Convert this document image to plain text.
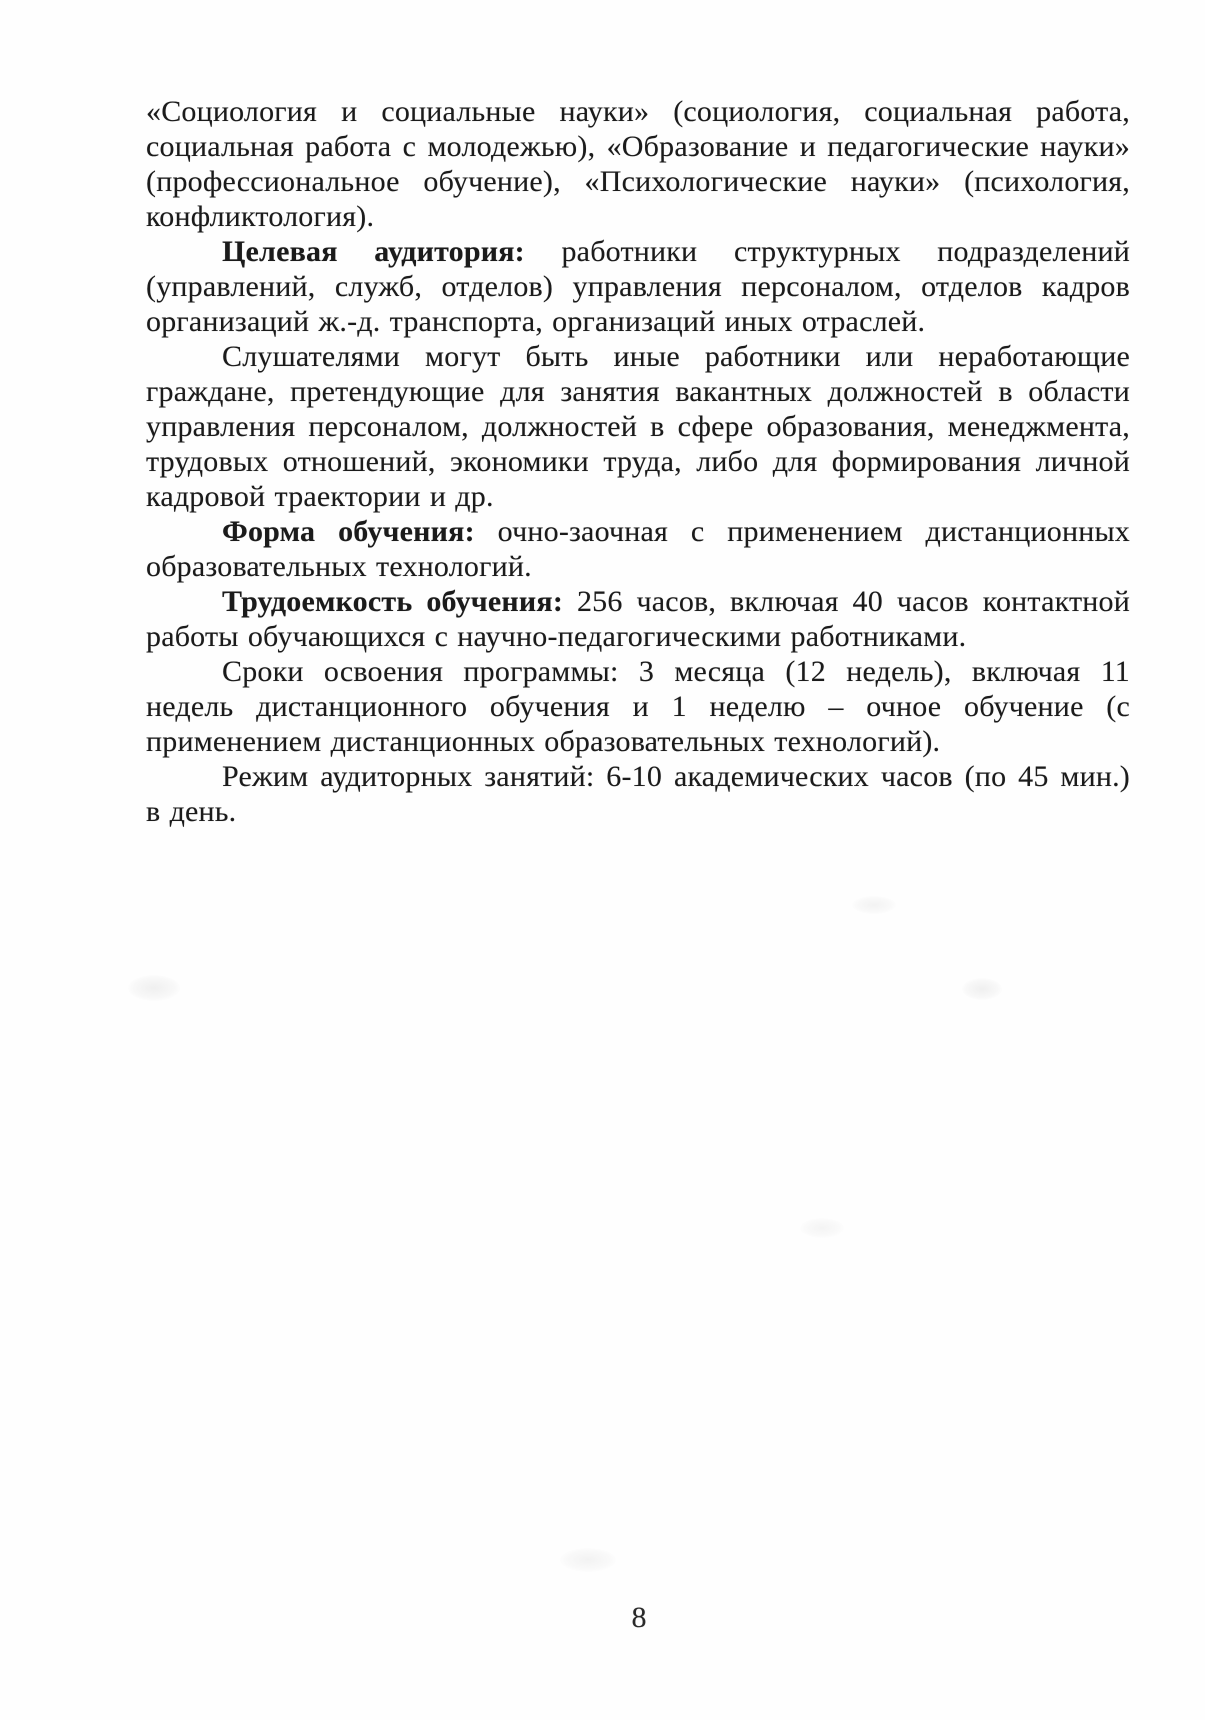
«Социология и социальные науки» (социология, социальная работа, социальная работа с молодежью), «Образование и педагогические науки» (профессиональное обучение), «Психологические науки» (психология, конфликтология).

Целевая аудитория: работники структурных подразделений (управлений, служб, отделов) управления персоналом, отделов кадров организаций ж.-д. транспорта, организаций иных отраслей.

Слушателями могут быть иные работники или неработающие граждане, претендующие для занятия вакантных должностей в области управления персоналом, должностей в сфере образования, менеджмента, трудовых отношений, экономики труда, либо для формирования личной кадровой траектории и др.

Форма обучения: очно-заочная с применением дистанционных образовательных технологий.

Трудоемкость обучения: 256 часов, включая 40 часов контактной работы обучающихся с научно-педагогическими работниками.

Сроки освоения программы: 3 месяца (12 недель), включая 11 недель дистанционного обучения и 1 неделю – очное обучение (с применением дистанционных образовательных технологий).

Режим аудиторных занятий: 6-10 академических часов (по 45 мин.) в день.

8
